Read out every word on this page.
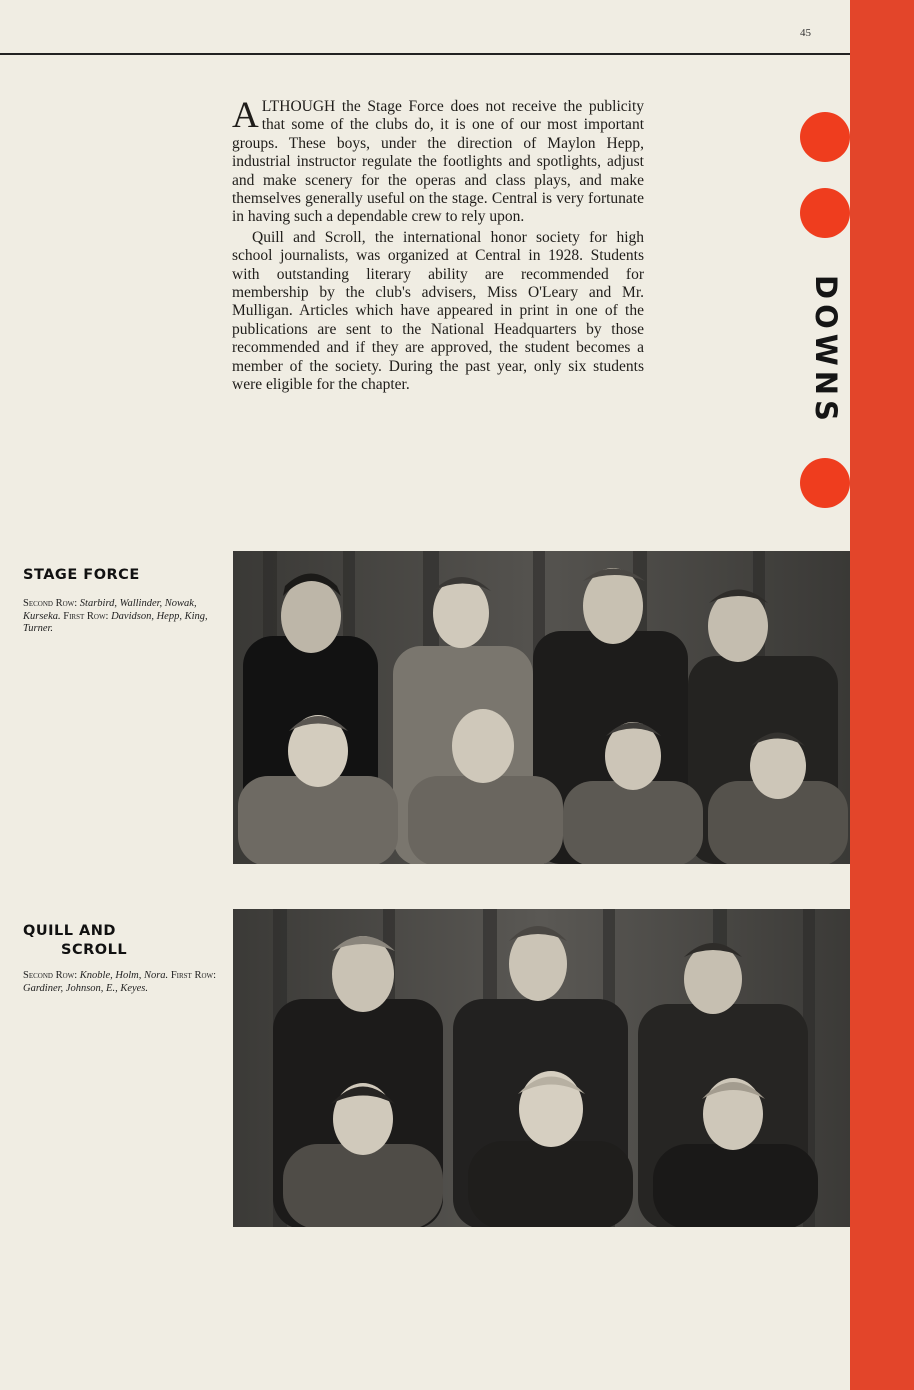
45
DOWNS

ALTHOUGH the Stage Force does not receive the publicity that some of the clubs do, it is one of our most important groups. These boys, under the direction of Maylon Hepp, industrial instructor regulate the footlights and spotlights, adjust and make scenery for the operas and class plays, and make themselves generally useful on the stage. Central is very fortunate in having such a dependable crew to rely upon.

Quill and Scroll, the international honor society for high school journalists, was organized at Central in 1928. Students with outstanding literary ability are recommended for membership by the club's advisers, Miss O'Leary and Mr. Mulligan. Articles which have appeared in print in one of the publications are sent to the National Headquarters by those recommended and if they are approved, the student becomes a member of the society. During the past year, only six students were eligible for the chapter.

STAGE FORCE
Second Row: Starbird, Wallinder, Nowak, Kurseka. First Row: Davidson, Hepp, King, Turner.
QUILL AND
SCROLL
Second Row: Knoble, Holm, Nora. First Row: Gardiner, Johnson, E., Keyes.
